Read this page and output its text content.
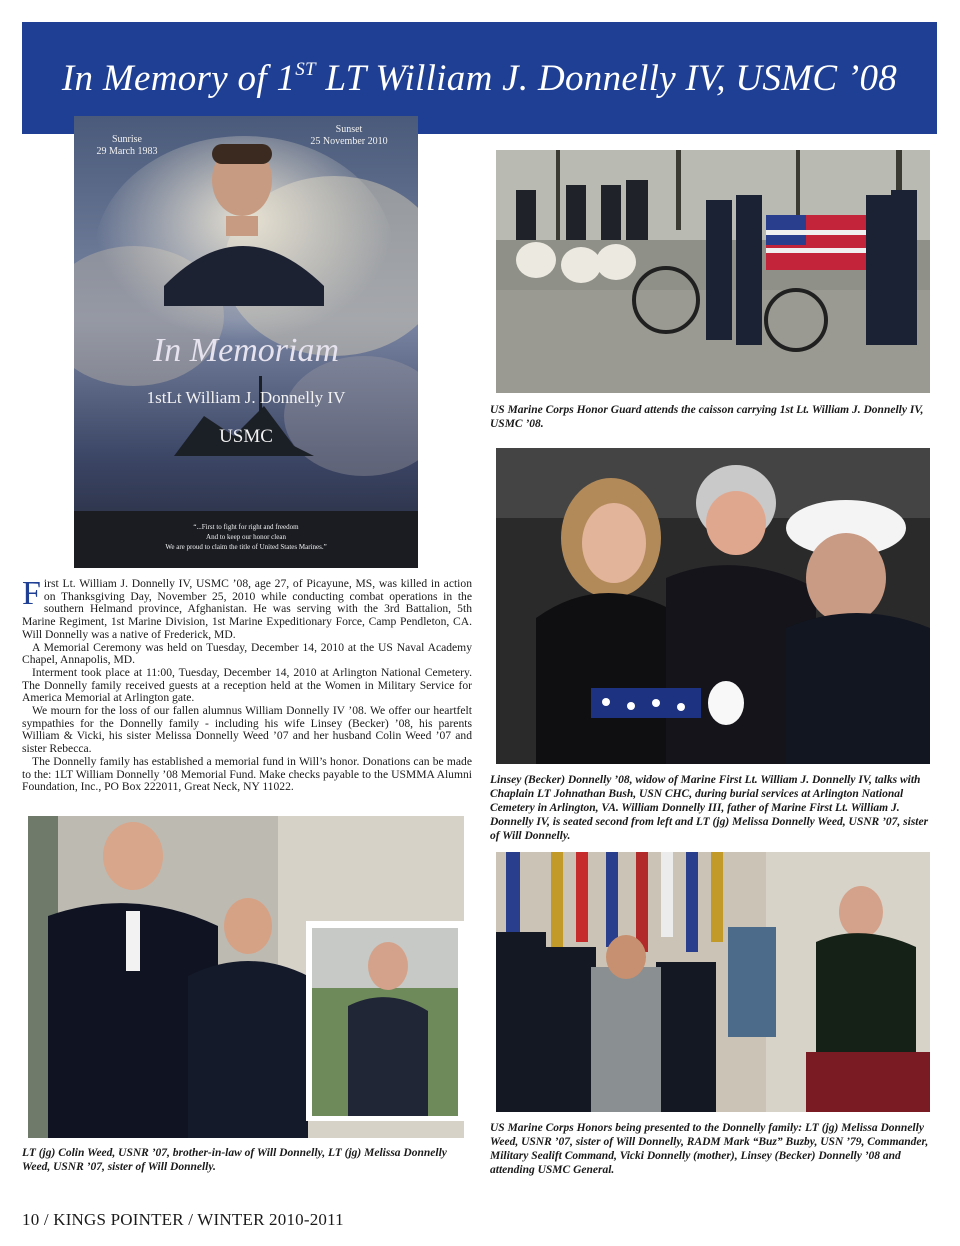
In Memory of 1ST LT William J. Donnelly IV, USMC ’08
Sunrise
29 March 1983
Sunset
25 November 2010
In Memoriam
1stLt William J. Donnelly IV
USMC
“...First to fight for right and freedom
And to keep our honor clean
We are proud to claim the title of United States Marines.”
US Marine Corps Honor Guard attends the caisson carrying 1st Lt. William J. Donnelly IV, USMC ’08.
Linsey (Becker) Donnelly ’08, widow of Marine First Lt. William J. Donnelly IV, talks with Chaplain LT Johnathan Bush, USN CHC, during burial services at Arlington National Cemetery in Arlington, VA. William Donnelly III, father of Marine First Lt. William J. Donnelly IV, is seated second from left and LT (jg) Melissa Donnelly Weed, USNR ’07, sister of Will Donnelly.

First Lt. William J. Donnelly IV, USMC ’08, age 27, of Picayune, MS, was killed in action on Thanksgiving Day, November 25, 2010 while conducting combat operations in the southern Helmand province, Afghanistan. He was serving with the 3rd Battalion, 5th Marine Regiment, 1st Marine Division, 1st Marine Expeditionary Force, Camp Pendleton, CA. Will Donnelly was a native of Frederick, MD.

A Memorial Ceremony was held on Tuesday, December 14, 2010 at the US Naval Academy Chapel, Annapolis, MD.

Interment took place at 11:00, Tuesday, December 14, 2010 at Arlington National Cemetery. The Donnelly family received guests at a reception held at the Women in Military Service for America Memorial at Arlington gate.

We mourn for the loss of our fallen alumnus William Donnelly IV ’08. We offer our heartfelt sympathies for the Donnelly family - including his wife Linsey (Becker) ’08, his parents William & Vicki, his sister Melissa Donnelly Weed ’07 and her husband Colin Weed ’07 and sister Rebecca.

The Donnelly family has established a memorial fund in Will’s honor. Donations can be made to the: 1LT William Donnelly ’08 Memorial Fund. Make checks payable to the USMMA Alumni Foundation, Inc., PO Box 222011, Great Neck, NY 11022.

LT (jg) Colin Weed, USNR ’07, brother-in-law of Will Donnelly, LT (jg) Melissa Donnelly Weed, USNR ’07, sister of Will Donnelly.
US Marine Corps Honors being presented to the Donnelly family: LT (jg) Melissa Donnelly Weed, USNR ’07, sister of Will Donnelly, RADM Mark “Buz” Buzby, USN ’79, Commander, Military Sealift Command, Vicki Donnelly (mother), Linsey (Becker) Donnelly ’08 and attending USMC General.
10 / KINGS POINTER / WINTER 2010-2011
